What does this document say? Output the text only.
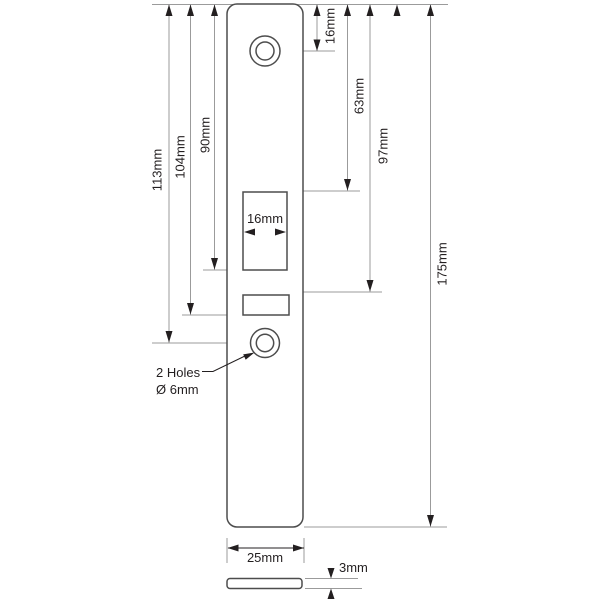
113mm 104mm
90mm
16mm
63mm
97mm
175mm
16mm
25mm
3mm
2 Holes
Ø 6mm
